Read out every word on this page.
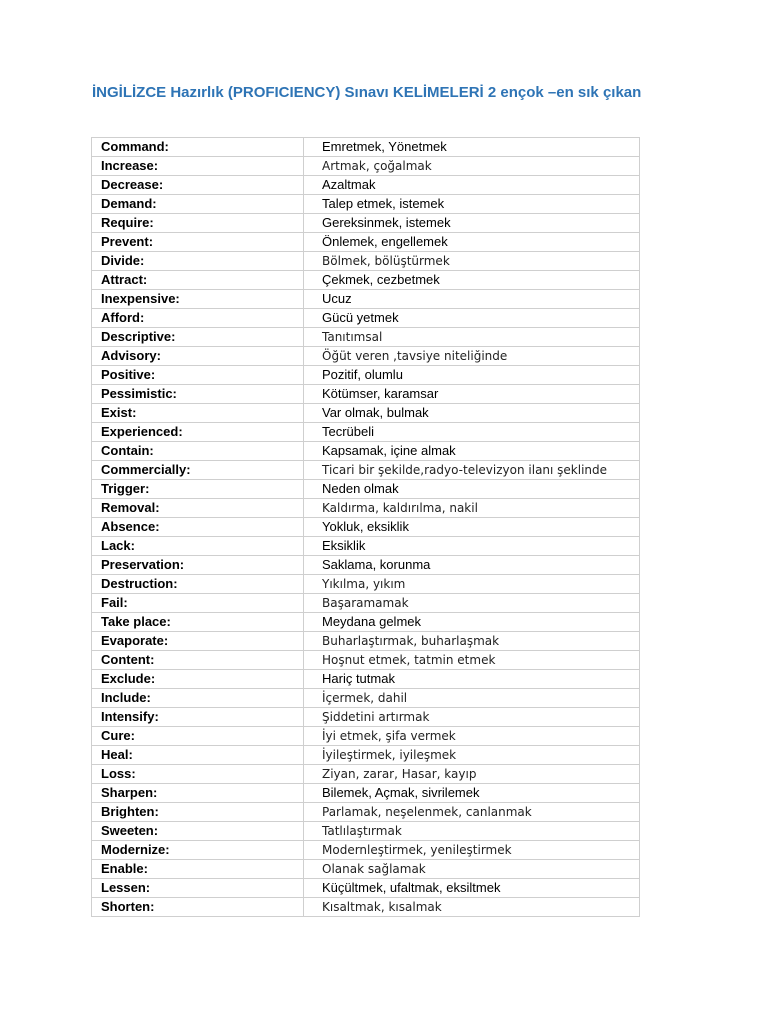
İNGİLİZCE Hazırlık (PROFICIENCY) Sınavı KELİMELERİ 2 ençok –en sık çıkan
Command:	Emretmek, Yönetmek
Increase:	Artmak, çoğalmak
Decrease:	Azaltmak
Demand:	Talep etmek, istemek
Require:	Gereksinmek, istemek
Prevent:	Önlemek, engellemek
Divide:	Bölmek, bölüştürmek
Attract:	Çekmek, cezbetmek
Inexpensive:	Ucuz
Afford:	Gücü yetmek
Descriptive:	Tanıtımsal
Advisory:	Öğüt veren ,tavsiye niteliğinde
Positive:	Pozitif, olumlu
Pessimistic:	Kötümser, karamsar
Exist:	Var olmak, bulmak
Experienced:	Tecrübeli
Contain:	Kapsamak, içine almak
Commercially:	Ticari bir şekilde,radyo-televizyon ilanı şeklinde
Trigger:	Neden olmak
Removal:	Kaldırma, kaldırılma, nakil
Absence:	Yokluk, eksiklik
Lack:	Eksiklik
Preservation:	Saklama, korunma
Destruction:	Yıkılma, yıkım
Fail:	Başaramamak
Take place:	Meydana gelmek
Evaporate:	Buharlaştırmak, buharlaşmak
Content:	Hoşnut etmek, tatmin etmek
Exclude:	Hariç tutmak
Include:	İçermek, dahil
Intensify:	Şiddetini artırmak
Cure:	İyi etmek, şifa vermek
Heal:	İyileştirmek, iyileşmek
Loss:	Ziyan, zarar, Hasar, kayıp
Sharpen:	Bilemek, Açmak, sivrilemek
Brighten:	Parlamak, neşelenmek, canlanmak
Sweeten:	Tatlılaştırmak
Modernize:	Modernleştirmek, yenileştirmek
Enable:	Olanak sağlamak
Lessen:	Küçültmek, ufaltmak, eksiltmek
Shorten:	Kısaltmak, kısalmak
